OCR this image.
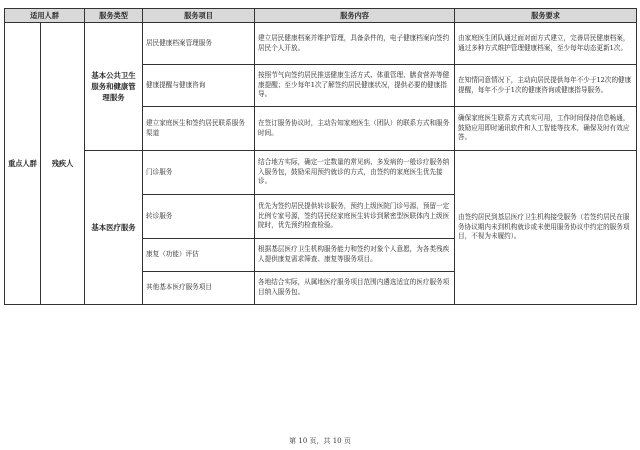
适用人群		服务类型	服务项目	服务内容	服务要求
重点人群	残疾人	基本公共卫生服务和健康管理服务	居民健康档案管理服务	建立居民健康档案并维护管理，具备条件的，电子健康档案向签约居民个人开放。	由家庭医生团队通过面对面方式建立，完善居民健康档案，通过多种方式维护管理健康档案，至少每年动态更新1次。
			健康提醒与健康咨询	按照节气向签约居民推送健康生活方式、体重管理、膳食营养等健康提醒；至少每年1次了解签约居民健康状况，提供必要的健康指导。	在知情同意情况下，主动向居民提供每年不少于12次的健康提醒，每年不少于1次的健康咨询或健康指导服务。
			建立家庭医生和签约居民联系服务渠道	在签订服务协议时，主动告知家庭医生（团队）的联系方式和服务时间。	确保家庭医生联系方式真实可用，工作时间保持信息畅通，鼓励应用即时通讯软件和人工智能等技术，确保及时有效应答。
		基本医疗服务	门诊服务	结合地方实际，确定一定数量的常见病、多发病的一般诊疗服务纳入服务包，鼓励采用预约就诊的方式，由签约的家庭医生优先接诊。	由签约居民到基层医疗卫生机构接受服务（若签约居民在服务协议期内未到机构就诊或未使用服务协议中约定的服务项目，不视为未履约）。
			转诊服务	优先为签约居民提供转诊服务，预约上级医院门诊号源，预留一定比例专家号源，签约居民经家庭医生转诊到紧密型医联体内上级医院时，优先预约检查检验。	
			康复（功能）评估	根据基层医疗卫生机构服务能力和签约对象个人意愿，为各类残疾人提供康复需求筛查、康复等服务项目。	
			其他基本医疗服务项目	各地结合实际，从属地医疗服务项目范围内遴选适宜的医疗服务项目纳入服务包。	
第 10 页，共 10 页
